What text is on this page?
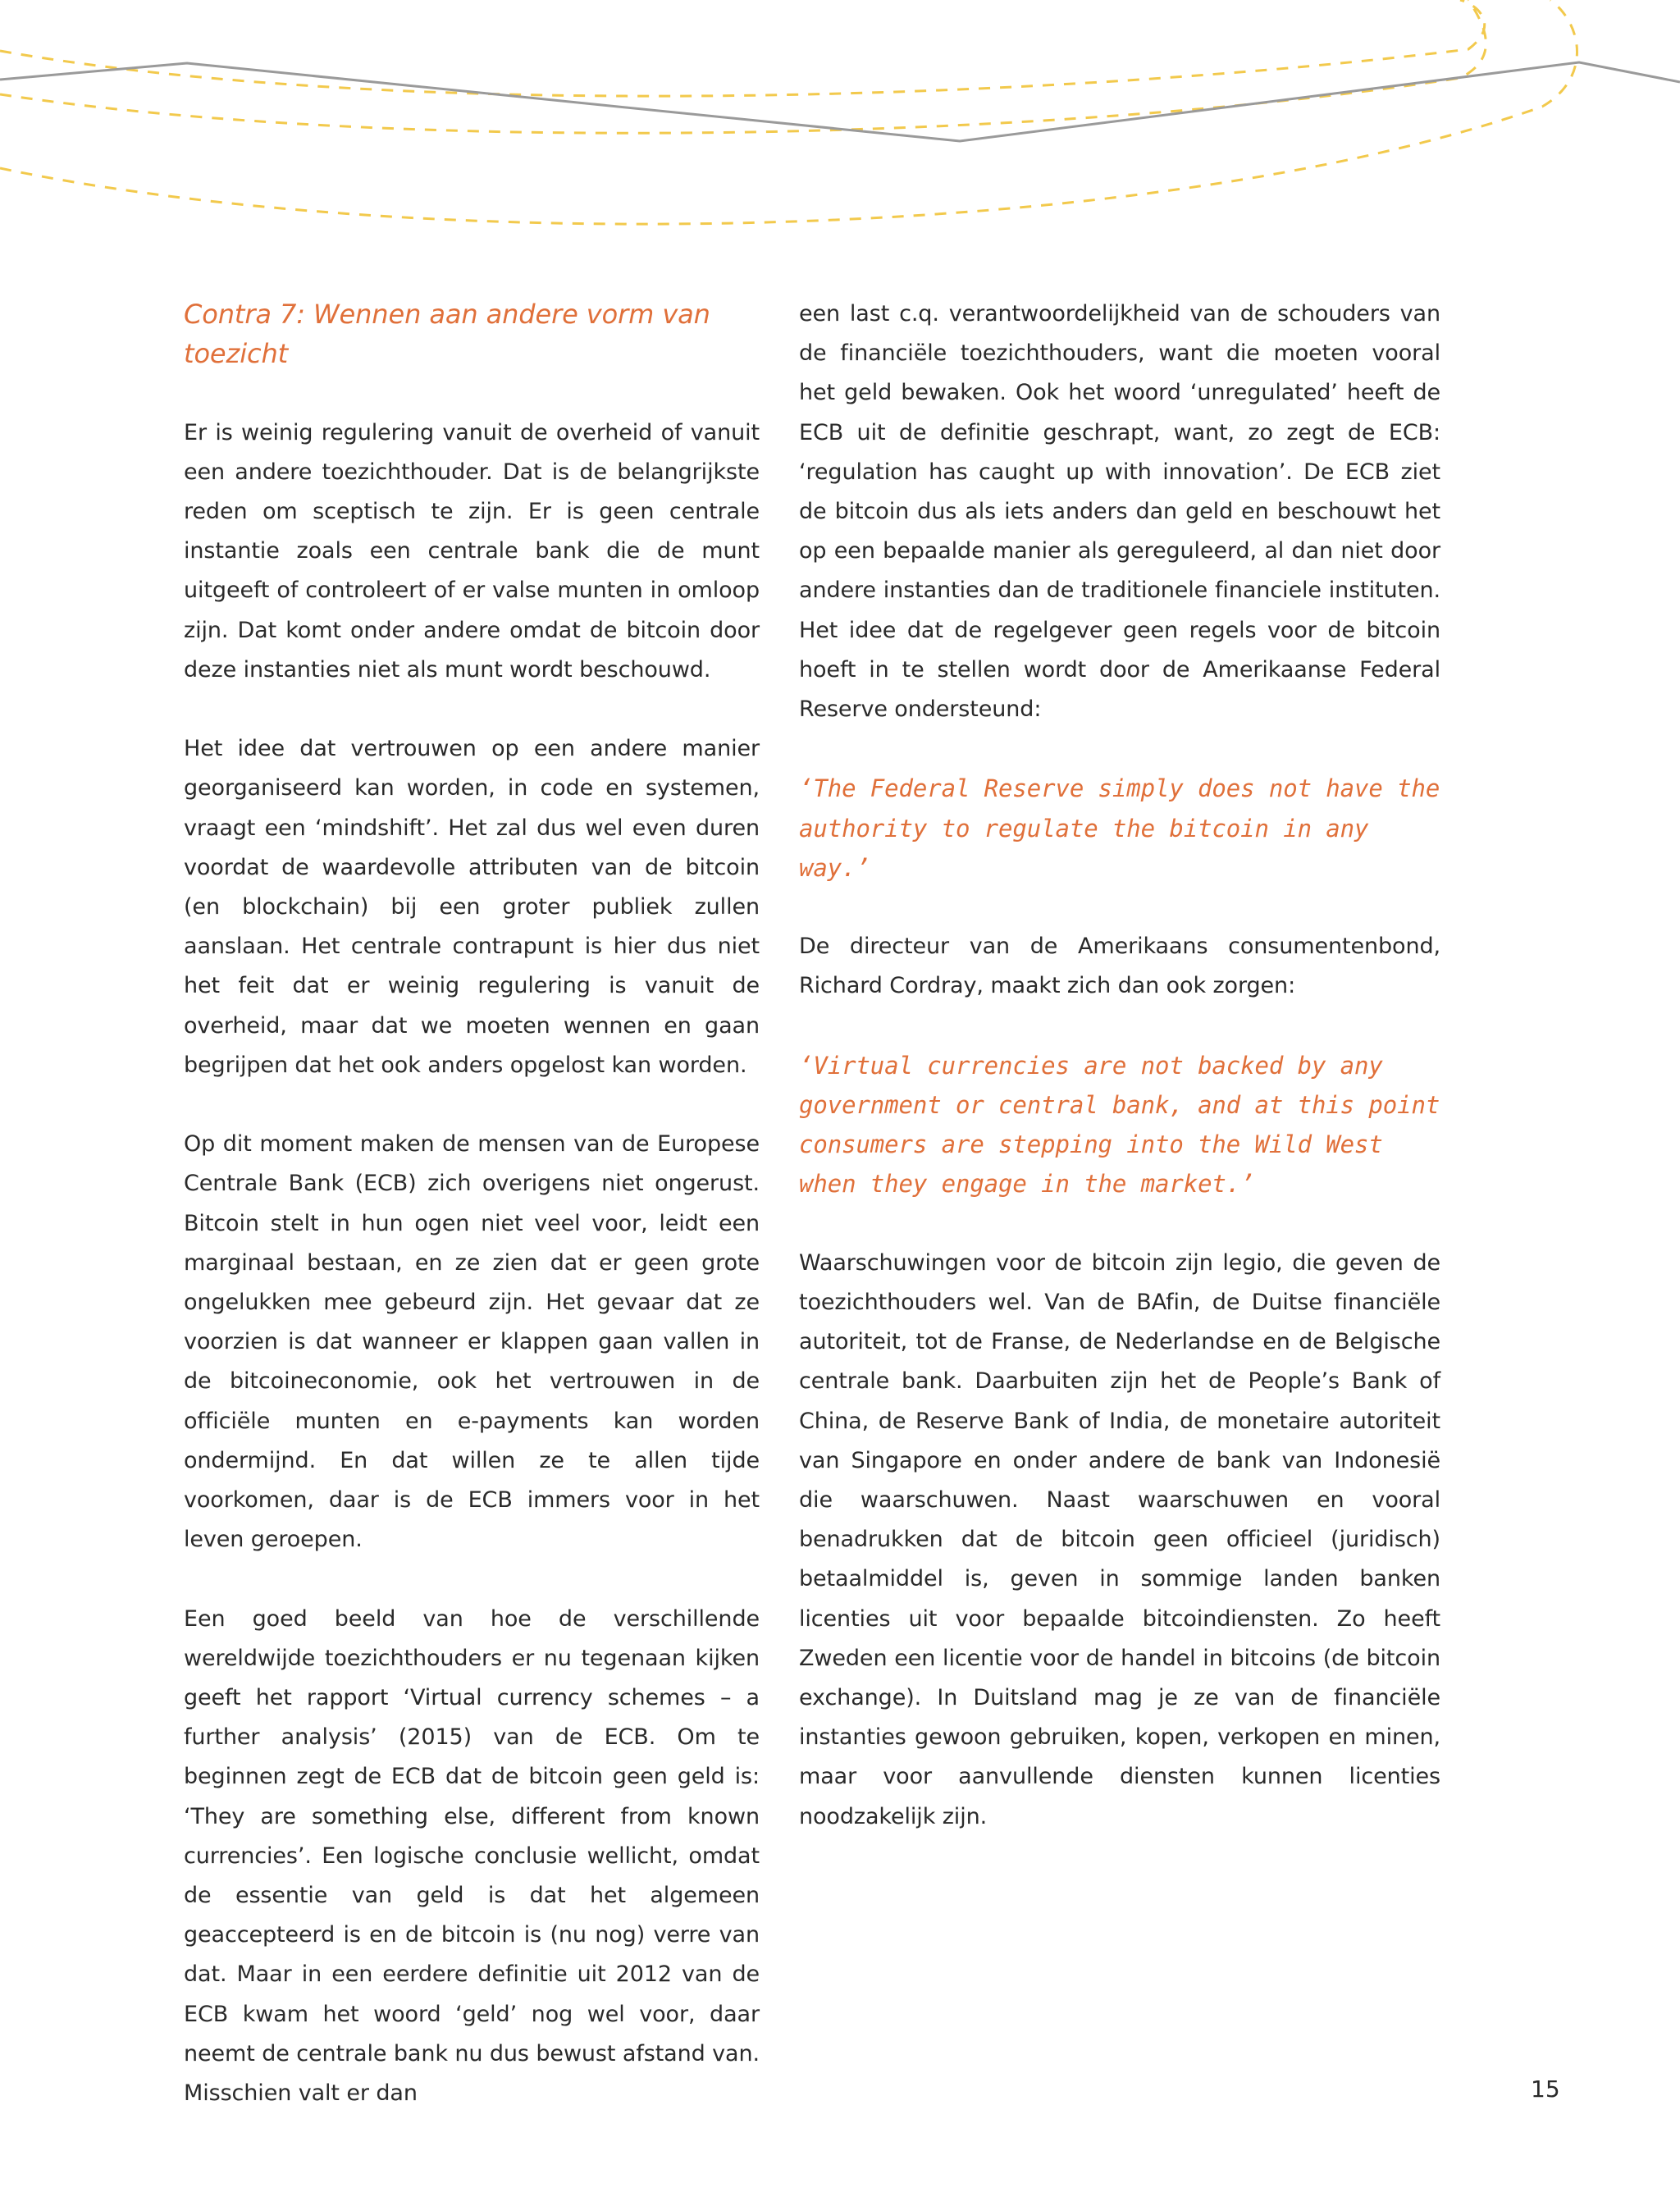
Contra 7: Wennen aan andere vorm van toezicht

Er is weinig regulering vanuit de overheid of vanuit een andere toezichthouder. Dat is de belangrijkste reden om sceptisch te zijn. Er is geen centrale instantie zoals een centrale bank die de munt uitgeeft of controleert of er valse munten in omloop zijn. Dat komt onder andere omdat de bitcoin door deze instanties niet als munt wordt beschouwd.

Het idee dat vertrouwen op een andere manier georganiseerd kan worden, in code en systemen, vraagt een ‘mindshift’. Het zal dus wel even duren voordat de waardevolle attributen van de bitcoin (en blockchain) bij een groter publiek zullen aanslaan. Het centrale contrapunt is hier dus niet het feit dat er weinig regulering is vanuit de overheid, maar dat we moeten wennen en gaan begrijpen dat het ook anders opgelost kan worden.

Op dit moment maken de mensen van de Europese Centrale Bank (ECB) zich overigens niet ongerust. Bitcoin stelt in hun ogen niet veel voor, leidt een marginaal bestaan, en ze zien dat er geen grote ongelukken mee gebeurd zijn. Het gevaar dat ze voorzien is dat wanneer er klappen gaan vallen in de bitcoineconomie, ook het vertrouwen in de officiële munten en e-payments kan worden ondermijnd. En dat willen ze te allen tijde voorkomen, daar is de ECB immers voor in het leven geroepen.

Een goed beeld van hoe de verschillende wereldwijde toezichthouders er nu tegenaan kijken geeft het rapport ‘Virtual currency schemes – a further analysis’ (2015) van de ECB. Om te beginnen zegt de ECB dat de bitcoin geen geld is: ‘They are something else, different from known currencies’. Een logische conclusie wellicht, omdat de essentie van geld is dat het algemeen geaccepteerd is en de bitcoin is (nu nog) verre van dat. Maar in een eerdere definitie uit 2012 van de ECB kwam het woord ‘geld’ nog wel voor, daar neemt de centrale bank nu dus bewust afstand van. Misschien valt er dan

een last c.q. verantwoordelijkheid van de schouders van de financiële toezichthouders, want die moeten vooral het geld bewaken. Ook het woord ‘unregulated’ heeft de ECB uit de definitie geschrapt, want, zo zegt de ECB: ‘regulation has caught up with innovation’. De ECB ziet de bitcoin dus als iets anders dan geld en beschouwt het op een bepaalde manier als gereguleerd, al dan niet door andere instanties dan de traditionele financiele instituten. Het idee dat de regelgever geen regels voor de bitcoin hoeft in te stellen wordt door de Amerikaanse Federal Reserve ondersteund:

‘The Federal Reserve simply does not have the authority to regulate the bitcoin in any way.’

De directeur van de Amerikaans consumentenbond, Richard Cordray, maakt zich dan ook zorgen:

‘Virtual currencies are not backed by any government or central bank, and at this point consumers are stepping into the Wild West when they engage in the market.’

Waarschuwingen voor de bitcoin zijn legio, die geven de toezichthouders wel. Van de BAfin, de Duitse financiële autoriteit, tot de Franse, de Nederlandse en de Belgische centrale bank. Daarbuiten zijn het de People’s Bank of China, de Reserve Bank of India, de monetaire autoriteit van Singapore en onder andere de bank van Indonesië die waarschuwen. Naast waarschuwen en vooral benadrukken dat de bitcoin geen officieel (juridisch) betaalmiddel is, geven in sommige landen banken licenties uit voor bepaalde bitcoindiensten. Zo heeft Zweden een licentie voor de handel in bitcoins (de bitcoin exchange). In Duitsland mag je ze van de financiële instanties gewoon gebruiken, kopen, verkopen en minen, maar voor aanvullende diensten kunnen licenties noodzakelijk zijn.

15
